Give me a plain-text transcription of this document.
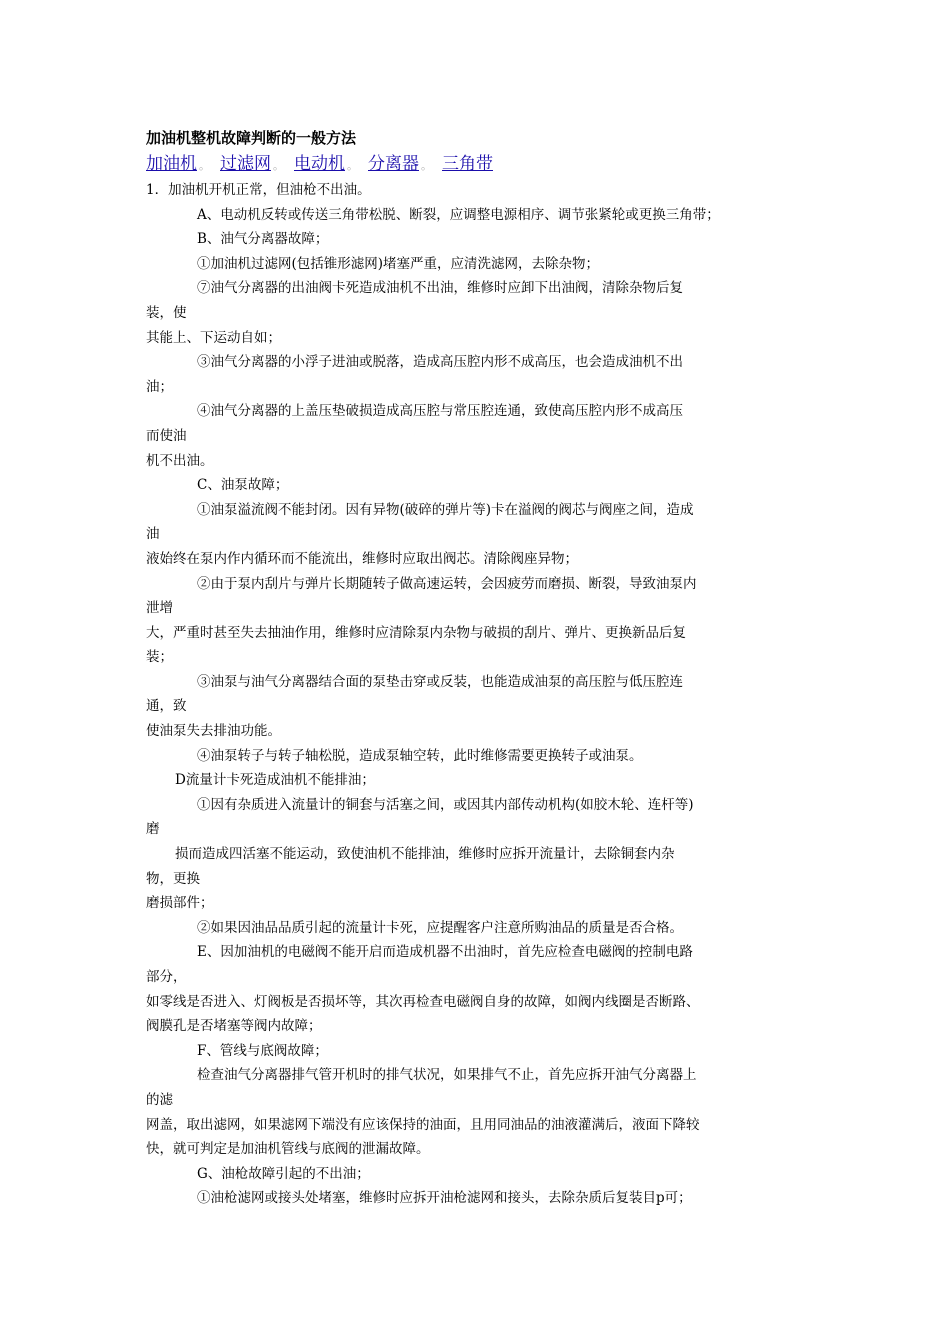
加油机整机故障判断的一般方法
加油机 。 过滤网 。 电动机 。 分离器 。 三角带
1．加油机开机正常，但油枪不出油。
A、电动机反转或传送三角带松脱、断裂，应调整电源相序、调节张紧轮或更换三角带；
B、油气分离器故障；
①加油机过滤网(包括锥形滤网)堵塞严重，应清洗滤网，去除杂物；
⑦油气分离器的出油阀卡死造成油机不出油，维修时应卸下出油阀，清除杂物后复
装，使
其能上、下运动自如；
③油气分离器的小浮子进油或脱落，造成高压腔内形不成高压，也会造成油机不出
油；
④油气分离器的上盖压垫破损造成高压腔与常压腔连通，致使高压腔内形不成高压
而使油
机不出油。
C、油泵故障；
①油泵溢流阀不能封闭。因有异物(破碎的弹片等)卡在溢阀的阀芯与阀座之间，造成
油
液始终在泵内作内循环而不能流出，维修时应取出阀芯。清除阀座异物；
②由于泵内刮片与弹片长期随转子做高速运转，会因疲劳而磨损、断裂，导致油泵内
泄增
大，严重时甚至失去抽油作用，维修时应清除泵内杂物与破损的刮片、弹片、更换新品后复
装；
③油泵与油气分离器结合面的泵垫击穿或反装，也能造成油泵的高压腔与低压腔连
通，致
使油泵失去排油功能。
④油泵转子与转子轴松脱，造成泵轴空转，此时维修需要更换转子或油泵。
D流量计卡死造成油机不能排油；
①因有杂质进入流量计的铜套与活塞之间，或因其内部传动机构(如胶木轮、连杆等)
磨
损而造成四活塞不能运动，致使油机不能排油，维修时应拆开流量计，去除铜套内杂
物，更换
磨损部件；
②如果因油品品质引起的流量计卡死，应提醒客户注意所购油品的质量是否合格。
E、因加油机的电磁阀不能开启而造成机器不出油时，首先应检查电磁阀的控制电路
部分，
如零线是否进入、灯阀板是否损坏等，其次再检查电磁阀自身的故障，如阀内线圈是否断路、
阀膜孔是否堵塞等阀内故障；
F、管线与底阀故障；
检查油气分离器排气管开机时的排气状况，如果排气不止，首先应拆开油气分离器上
的滤
网盖，取出滤网，如果滤网下端没有应该保持的油面，且用同油品的油液灌满后，液面下降较
快，就可判定是加油机管线与底阀的泄漏故障。
G、油枪故障引起的不出油；
①油枪滤网或接头处堵塞，维修时应拆开油枪滤网和接头，去除杂质后复装目p可；
